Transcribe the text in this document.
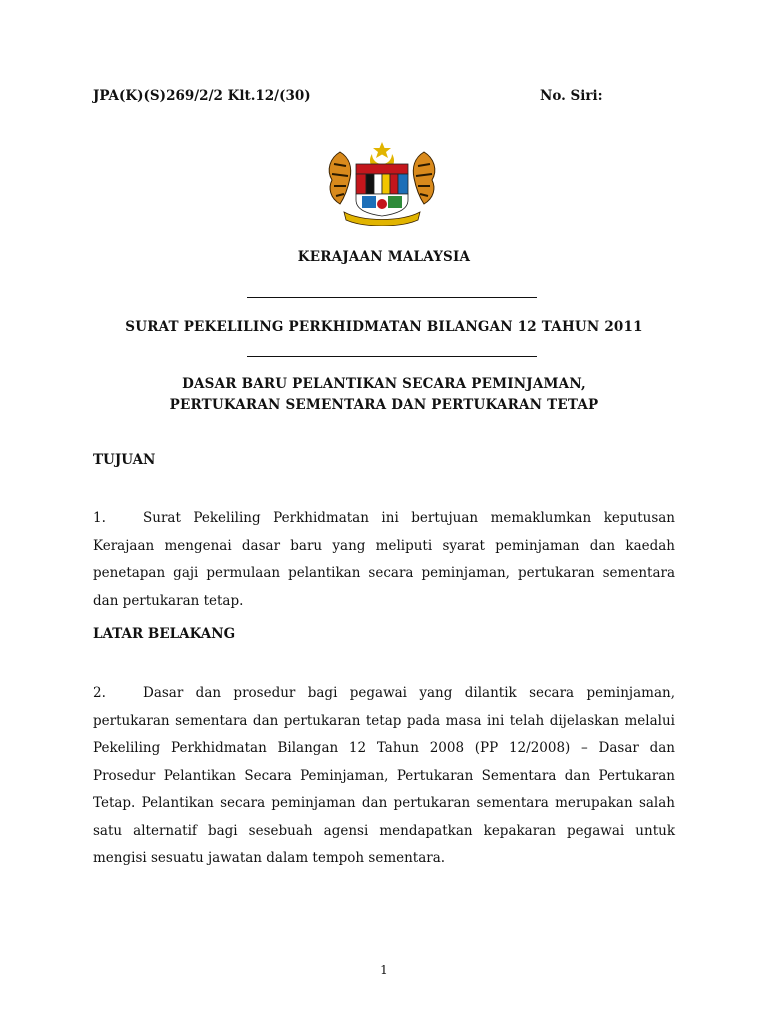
JPA(K)(S)269/2/2 Klt.12/(30)	No. Siri:
KERAJAAN MALAYSIA
SURAT PEKELILING PERKHIDMATAN BILANGAN 12 TAHUN 2011
DASAR BARU PELANTIKAN SECARA PEMINJAMAN,
PERTUKARAN SEMENTARA DAN PERTUKARAN TETAP
TUJUAN
1.	Surat Pekeliling Perkhidmatan ini bertujuan memaklumkan keputusan Kerajaan mengenai dasar baru yang meliputi syarat peminjaman dan kaedah penetapan gaji permulaan pelantikan secara peminjaman, pertukaran sementara dan pertukaran tetap.
LATAR BELAKANG
2.	Dasar dan prosedur bagi pegawai yang dilantik secara peminjaman, pertukaran sementara dan pertukaran tetap pada masa ini telah dijelaskan melalui Pekeliling Perkhidmatan Bilangan 12 Tahun 2008 (PP 12/2008) – Dasar dan Prosedur Pelantikan Secara Peminjaman, Pertukaran Sementara dan Pertukaran Tetap. Pelantikan secara peminjaman dan pertukaran sementara merupakan salah satu alternatif bagi sesebuah agensi mendapatkan kepakaran pegawai untuk mengisi sesuatu jawatan dalam tempoh sementara.
1
